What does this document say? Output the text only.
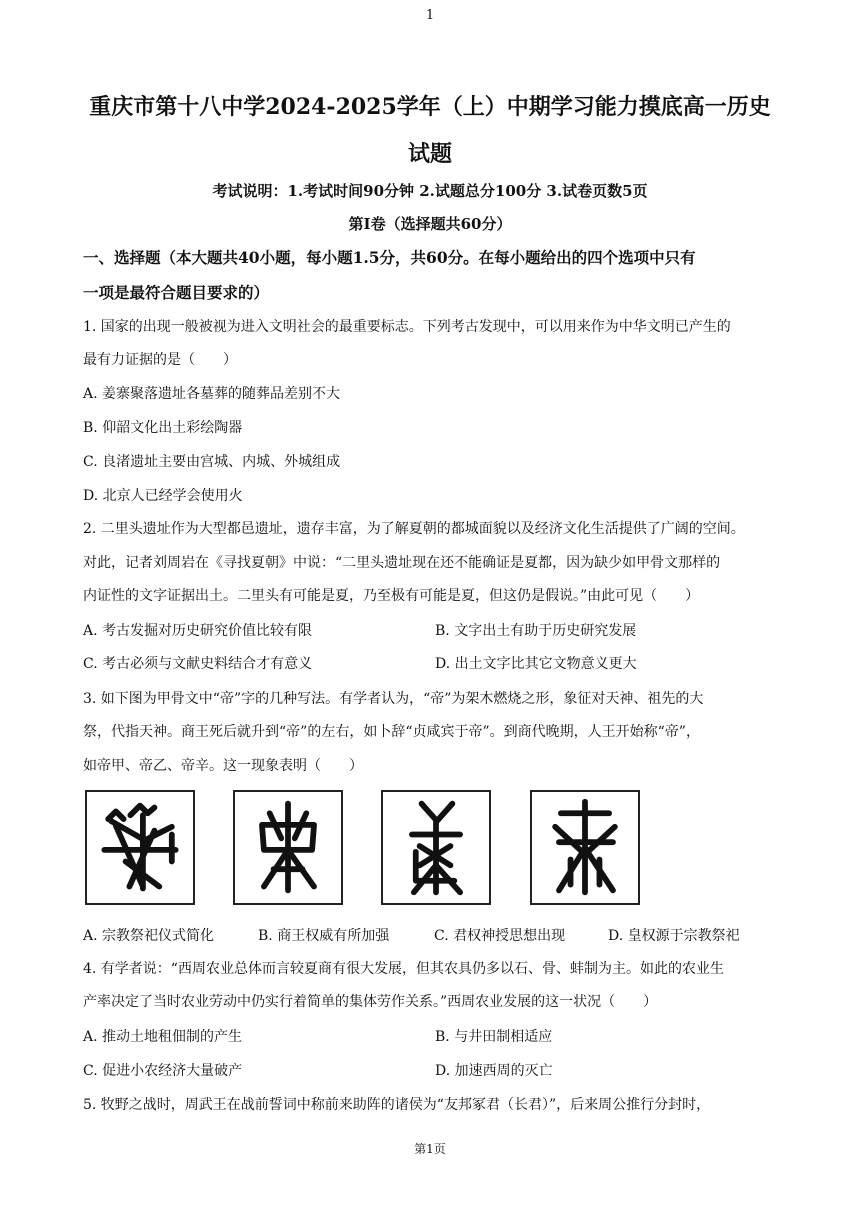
1
重庆市第十八中学2024-2025学年（上）中期学习能力摸底高一历史
试题
考试说明：1.考试时间90分钟 2.试题总分100分 3.试卷页数5页
第Ⅰ卷（选择题共60分）
一、选择题（本大题共40小题，每小题1.5分，共60分。在每小题给出的四个选项中只有
一项是最符合题目要求的）
1. 国家的出现一般被视为进入文明社会的最重要标志。下列考古发现中，可以用来作为中华文明已产生的
最有力证据的是（　　）
A. 姜寨聚落遗址各墓葬的随葬品差别不大
B. 仰韶文化出土彩绘陶器
C. 良渚遗址主要由宫城、内城、外城组成
D. 北京人已经学会使用火
2. 二里头遗址作为大型都邑遗址，遗存丰富，为了解夏朝的都城面貌以及经济文化生活提供了广阔的空间。
对此，记者刘周岩在《寻找夏朝》中说：“二里头遗址现在还不能确证是夏都，因为缺少如甲骨文那样的
内证性的文字证据出土。二里头有可能是夏，乃至极有可能是夏，但这仍是假说。”由此可见（　　）
A. 考古发掘对历史研究价值比较有限	B. 文字出土有助于历史研究发展
C. 考古必须与文献史料结合才有意义	D. 出土文字比其它文物意义更大
3. 如下图为甲骨文中“帝”字的几种写法。有学者认为，“帝”为架木燃烧之形，象征对天神、祖先的大
祭，代指天神。商王死后就升到“帝”的左右，如卜辞“贞咸宾于帝”。到商代晚期，人王开始称“帝”，
如帝甲、帝乙、帝辛。这一现象表明（　　）
A. 宗教祭祀仪式简化	B. 商王权威有所加强	C. 君权神授思想出现	D. 皇权源于宗教祭祀
4. 有学者说：“西周农业总体而言较夏商有很大发展，但其农具仍多以石、骨、蚌制为主。如此的农业生
产率决定了当时农业劳动中仍实行着简单的集体劳作关系。”西周农业发展的这一状况（　　）
A. 推动土地租佃制的产生	B. 与井田制相适应
C. 促进小农经济大量破产	D. 加速西周的灭亡
5. 牧野之战时，周武王在战前誓词中称前来助阵的诸侯为“友邦冢君（长君）”，后来周公推行分封时，
第1页
